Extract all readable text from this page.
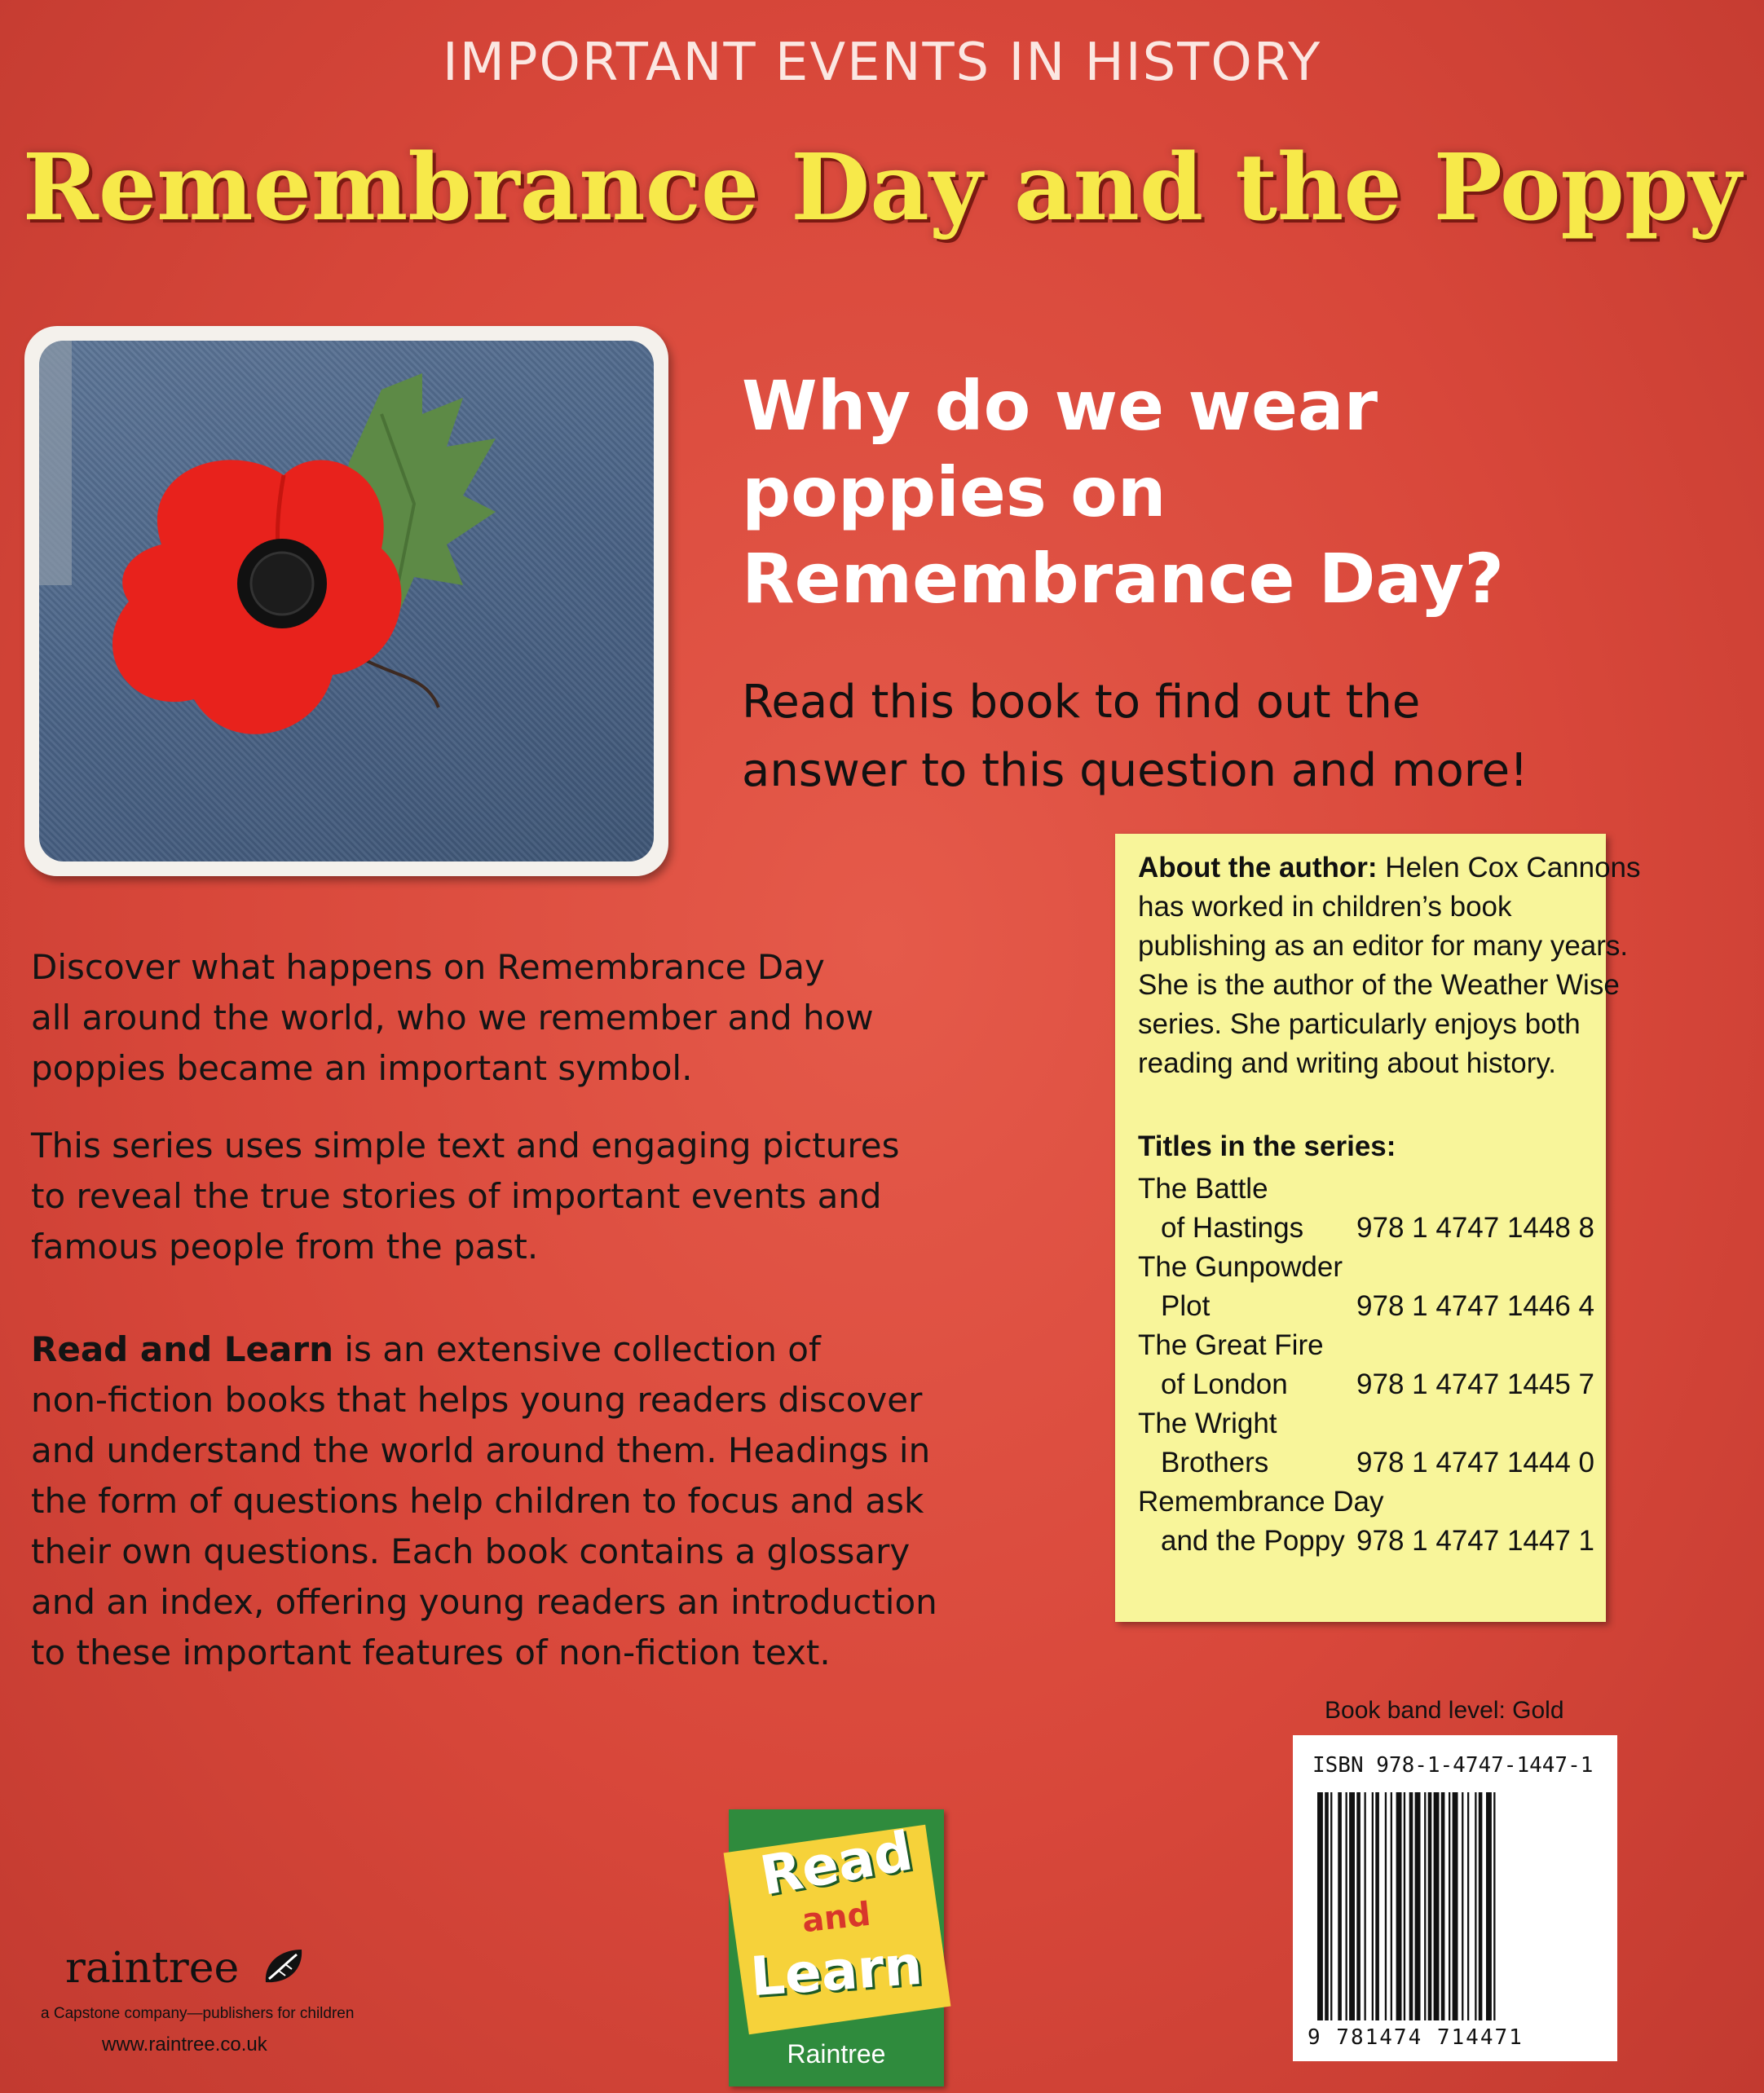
IMPORTANT EVENTS IN HISTORY
Remembrance Day and the Poppy
Why do we wear
poppies on
Remembrance Day?
Read this book to find out the
answer to this question and more!
Discover what happens on Remembrance Day
all around the world, who we remember and how
poppies became an important symbol.
This series uses simple text and engaging pictures
to reveal the true stories of important events and
famous people from the past.
Read and Learn is an extensive collection of
non-fiction books that helps young readers discover
and understand the world around them. Headings in
the form of questions help children to focus and ask
their own questions. Each book contains a glossary
and an index, offering young readers an introduction
to these important features of non-fiction text.
About the author: Helen Cox Cannons
has worked in children’s book
publishing as an editor for many years.
She is the author of the Weather Wise
series. She particularly enjoys both
reading and writing about history.
Titles in the series:
The Battle
of Hastings 978 1 4747 1448 8
The Gunpowder
Plot	978 1 4747 1446 4
The Great Fire
of London 978 1 4747 1445 7
The Wright
Brothers	978 1 4747 1444 0
Remembrance Day
and the Poppy 978 1 4747 1447 1
Book band level: Gold
ISBN 978-1-4747-1447-1
9 781474 714471
Read
and
Learn
Raintree
raintree
a Capstone company—publishers for children
www.raintree.co.uk
